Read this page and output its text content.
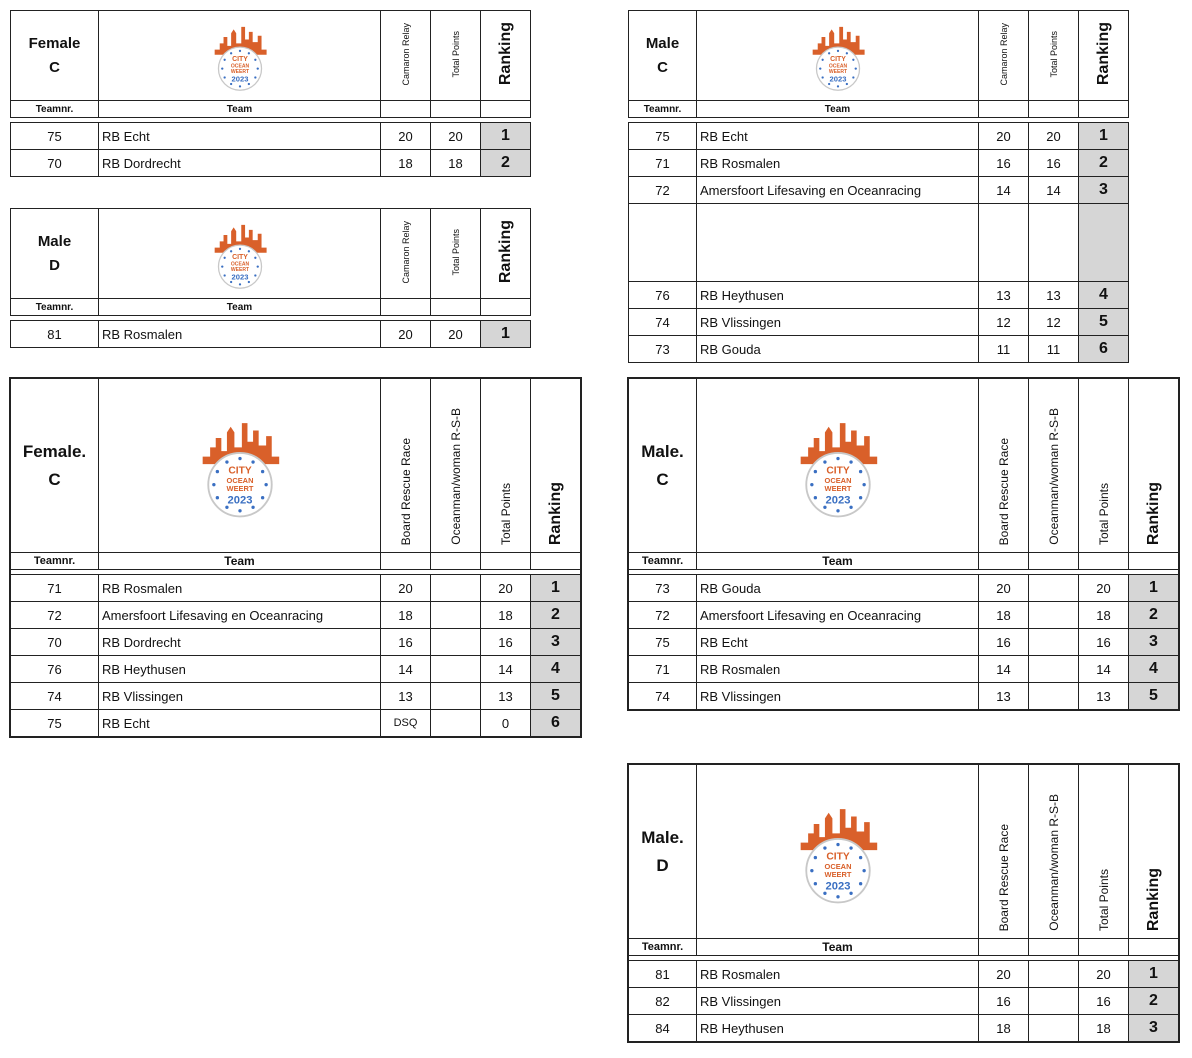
Female
C	CITY
OCEAN
WEERT
2023	Camaron Relay	Total Points	Ranking
Teamnr.	Team			

75	RB Echt	20	20	1
70	RB Dordrecht	18	18	2
Male
C	CITY
OCEAN
WEERT
2023	Camaron Relay	Total Points	Ranking
Teamnr.	Team			

75	RB Echt	20	20	1
71	RB Rosmalen	16	16	2
72	Amersfoort Lifesaving en Oceanracing	14	14	3

76	RB Heythusen	13	13	4
74	RB Vlissingen	12	12	5
73	RB Gouda	11	11	6
Male
D	CITY
OCEAN
WEERT
2023	Camaron Relay	Total Points	Ranking
Teamnr.	Team			

81	RB Rosmalen	20	20	1
Female.
C	CITY
OCEAN
WEERT
2023	Board Rescue Race	Oceanman/woman R-S-B	Total Points	Ranking
Teamnr.	Team				

71	RB Rosmalen	20		20	1
72	Amersfoort Lifesaving en Oceanracing	18		18	2
70	RB Dordrecht	16		16	3
76	RB Heythusen	14		14	4
74	RB Vlissingen	13		13	5
75	RB Echt	DSQ		0	6
Male.
C	CITY
OCEAN
WEERT
2023	Board Rescue Race	Oceanman/woman R-S-B	Total Points	Ranking
Teamnr.	Team				

73	RB Gouda	20		20	1
72	Amersfoort Lifesaving en Oceanracing	18		18	2
75	RB Echt	16		16	3
71	RB Rosmalen	14		14	4
74	RB Vlissingen	13		13	5
Male.
D	CITY
OCEAN
WEERT
2023	Board Rescue Race	Oceanman/woman R-S-B	Total Points	Ranking
Teamnr.	Team				

81	RB Rosmalen	20		20	1
82	RB Vlissingen	16		16	2
84	RB Heythusen	18		18	3
